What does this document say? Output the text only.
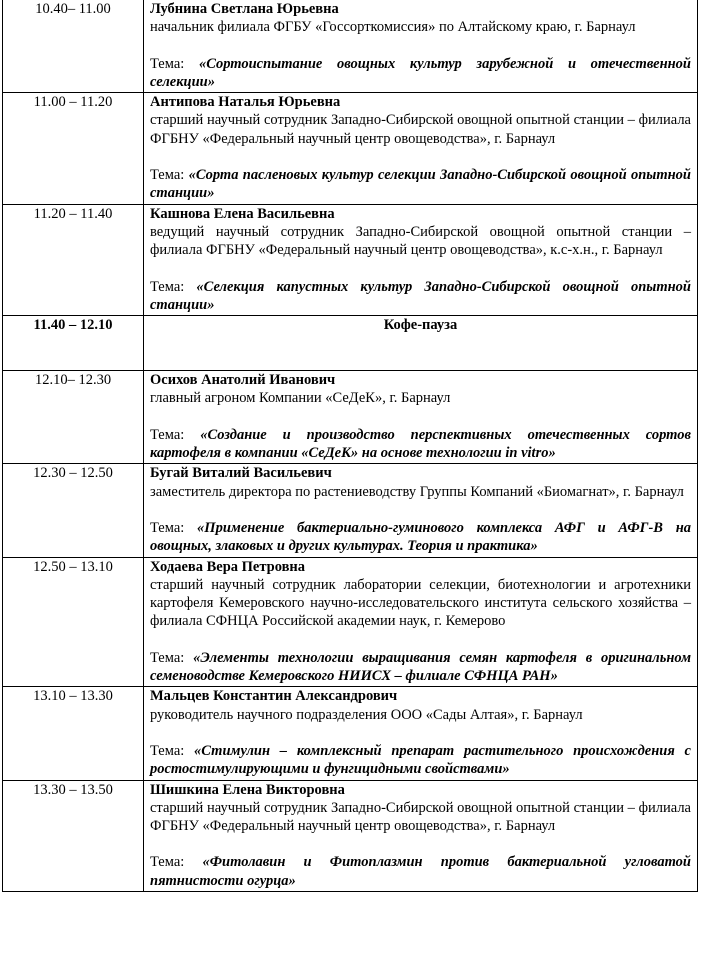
10.40– 11.00	Лубнина Светлана Юрьевна
начальник филиала ФГБУ «Госсорткомиссия» по Алтайскому краю, г. Барнаул
Тема: «Сортоиспытание овощных культур зарубежной и отечественной селекции»

11.00 – 11.20	Антипова Наталья Юрьевна
старший научный сотрудник Западно-Сибирской овощной опытной станции – филиала ФГБНУ «Федеральный научный центр овощеводства», г. Барнаул
Тема: «Сорта пасленовых культур селекции Западно-Сибирской овощной опытной станции»

11.20 – 11.40	Кашнова Елена Васильевна
ведущий научный сотрудник Западно-Сибирской овощной опытной станции – филиала ФГБНУ «Федеральный научный центр овощеводства», к.с-х.н., г. Барнаул
Тема: «Селекция капустных культур Западно-Сибирской овощной опытной станции»

11.40 – 12.10	Кофе-пауза
12.10– 12.30	Осихов Анатолий Иванович
главный агроном Компании «СеДеК», г. Барнаул
Тема: «Создание и производство перспективных отечественных сортов картофеля в компании «СеДеК» на основе технологии in vitro»

12.30 – 12.50	Бугай Виталий Васильевич
заместитель директора по растениеводству Группы Компаний «Биомагнат», г. Барнаул
Тема: «Применение бактериально-гуминового комплекса АФГ и АФГ-В на овощных, злаковых и других культурах. Теория и практика»

12.50 – 13.10	Ходаева Вера Петровна
старший научный сотрудник лаборатории селекции, биотехнологии и агротехники картофеля Кемеровского научно-исследовательского института сельского хозяйства – филиала СФНЦА Российской академии наук, г. Кемерово
Тема: «Элементы технологии выращивания семян картофеля в оригинальном семеноводстве Кемеровского НИИСХ – филиале СФНЦА РАН»

13.10 – 13.30	Мальцев Константин Александрович
руководитель научного подразделения ООО «Сады Алтая», г. Барнаул
Тема: «Стимулин – комплексный препарат растительного происхождения с ростостимулирующими и фунгицидными свойствами»

13.30 – 13.50	Шишкина Елена Викторовна
старший научный сотрудник Западно-Сибирской овощной опытной станции – филиала ФГБНУ «Федеральный научный центр овощеводства», г. Барнаул
Тема: «Фитолавин и Фитоплазмин против бактериальной угловатой пятнистости огурца»
